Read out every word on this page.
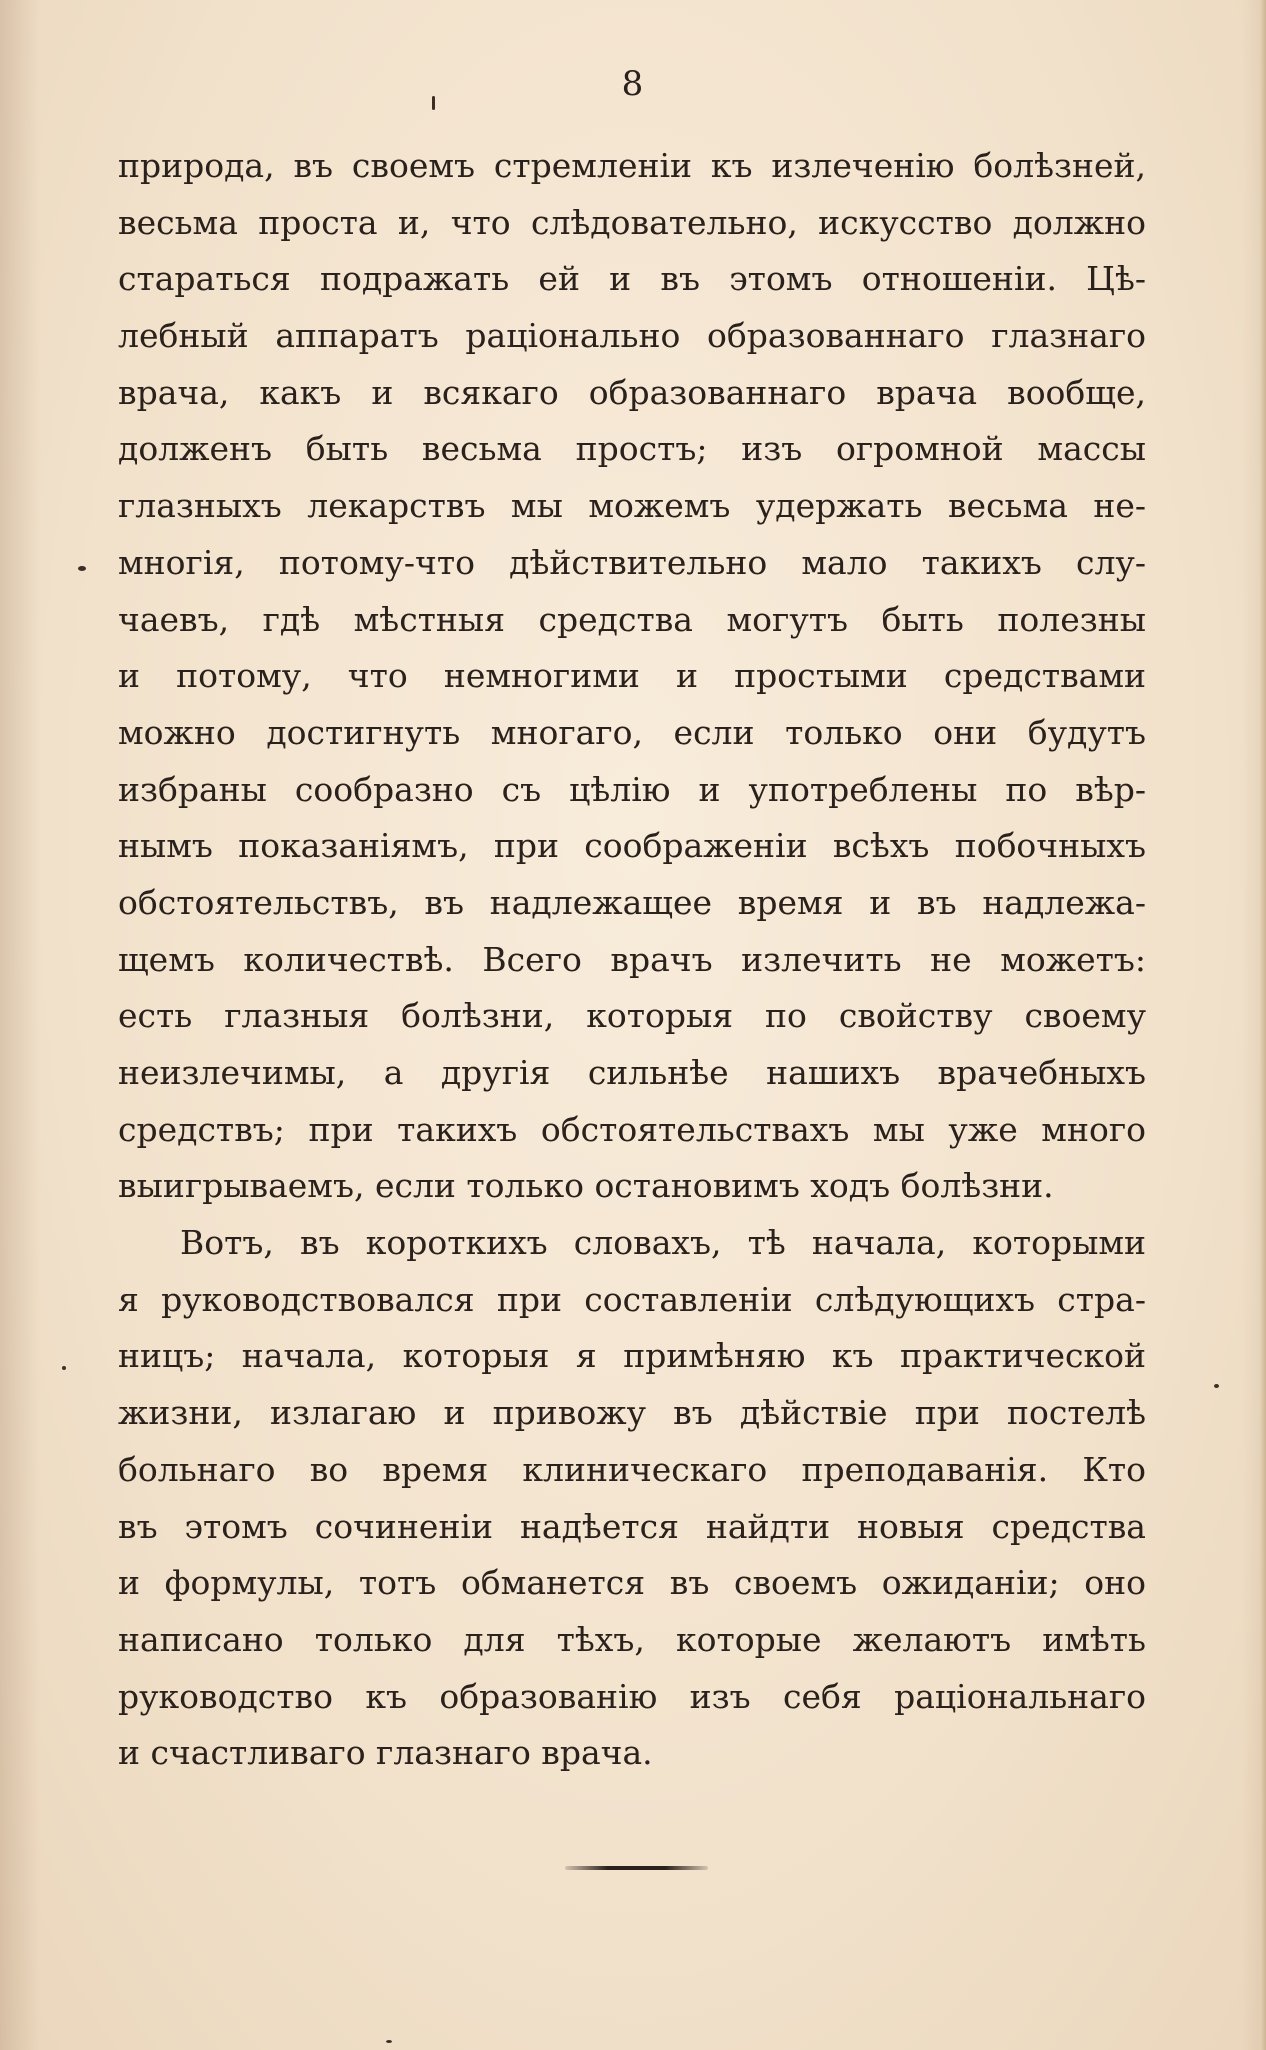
8
природа, въ своемъ стремленіи къ излеченію болѣзней,
весьма проста и, что слѣдовательно, искусство должно
стараться подражать ей и въ этомъ отношеніи. Цѣ-
лебный аппаратъ раціонально образованнаго глазнаго
врача, какъ и всякаго образованнаго врача вообще,
долженъ быть весьма простъ; изъ огромной массы
глазныхъ лекарствъ мы можемъ удержать весьма не-
многія, потому-что дѣйствительно мало такихъ слу-
чаевъ, гдѣ мѣстныя средства могутъ быть полезны
и потому, что немногими и простыми средствами
можно достигнуть многаго, если только они будутъ
избраны сообразно съ цѣлію и употреблены по вѣр-
нымъ показаніямъ, при соображеніи всѣхъ побочныхъ
обстоятельствъ, въ надлежащее время и въ надлежа-
щемъ количествѣ. Всего врачъ излечить не можетъ:
есть глазныя болѣзни, которыя по свойству своему
неизлечимы, а другія сильнѣе нашихъ врачебныхъ
средствъ; при такихъ обстоятельствахъ мы уже много
выигрываемъ, если только остановимъ ходъ болѣзни.
Вотъ, въ короткихъ словахъ, тѣ начала, которыми
я руководствовался при составленіи слѣдующихъ стра-
ницъ; начала, которыя я примѣняю къ практической
жизни, излагаю и привожу въ дѣйствіе при постелѣ
больнаго во время клиническаго преподаванія. Кто
въ этомъ сочиненіи надѣется найдти новыя средства
и формулы, тотъ обманется въ своемъ ожиданіи; оно
написано только для тѣхъ, которые желаютъ имѣть
руководство къ образованію изъ себя раціональнаго
и счастливаго глазнаго врача.
